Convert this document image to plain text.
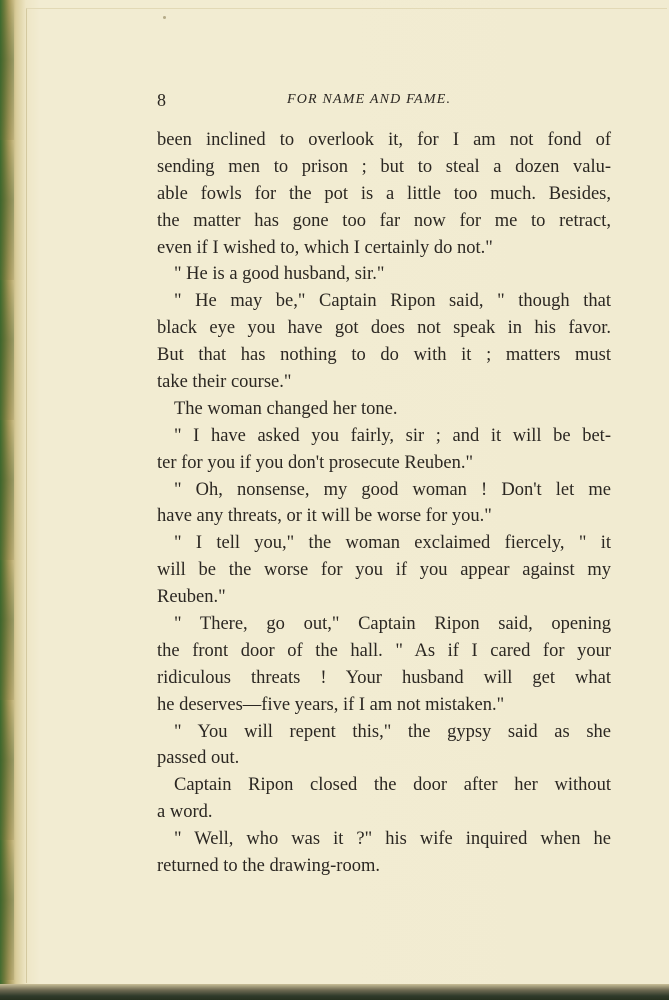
8	FOR NAME AND FAME.
been inclined to overlook it, for I am not fond of
sending men to prison ; but to steal a dozen valu-
able fowls for the pot is a little too much. Besides,
the matter has gone too far now for me to retract,
even if I wished to, which I certainly do not."
" He is a good husband, sir."
" He may be," Captain Ripon said, " though that
black eye you have got does not speak in his favor.
But that has nothing to do with it ; matters must
take their course."
The woman changed her tone.
" I have asked you fairly, sir ; and it will be bet-
ter for you if you don't prosecute Reuben."
" Oh, nonsense, my good woman ! Don't let me
have any threats, or it will be worse for you."
" I tell you," the woman exclaimed fiercely, " it
will be the worse for you if you appear against my
Reuben."
" There, go out," Captain Ripon said, opening
the front door of the hall. " As if I cared for your
ridiculous threats ! Your husband will get what
he deserves—five years, if I am not mistaken."
" You will repent this," the gypsy said as she
passed out.
Captain Ripon closed the door after her without
a word.
" Well, who was it ?" his wife inquired when he
returned to the drawing-room.
